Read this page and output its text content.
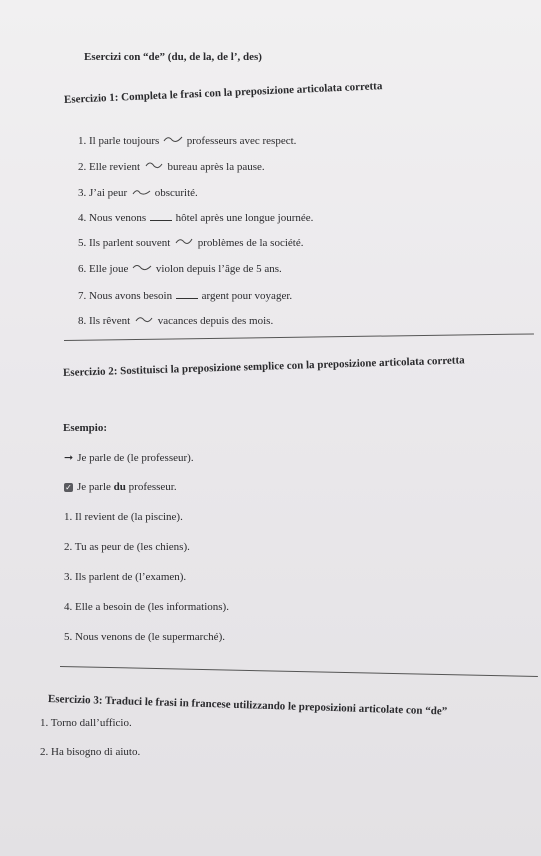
Esercizi con “de” (du, de la, de l’, des)
Esercizio 1: Completa le frasi con la preposizione articolata corretta
1. Il parle toujours	professeurs avec respect.
2. Elle revient	bureau après la pause.
3. J’ai peur	obscurité.
4. Nous venons	hôtel après une longue journée.
5. Ils parlent souvent	problèmes de la société.
6. Elle joue	violon depuis l’âge de 5 ans.
7. Nous avons besoin	argent pour voyager.
8. Ils rêvent	vacances depuis des mois.
Esercizio 2: Sostituisci la preposizione semplice con la preposizione articolata corretta
Esempio:
➞ Je parle de (le professeur).
✓ Je parle du professeur.
1. Il revient de (la piscine).
2. Tu as peur de (les chiens).
3. Ils parlent de (l’examen).
4. Elle a besoin de (les informations).
5. Nous venons de (le supermarché).
Esercizio 3: Traduci le frasi in francese utilizzando le preposizioni articolate con “de”
1. Torno dall’ufficio.
2. Ha bisogno di aiuto.
